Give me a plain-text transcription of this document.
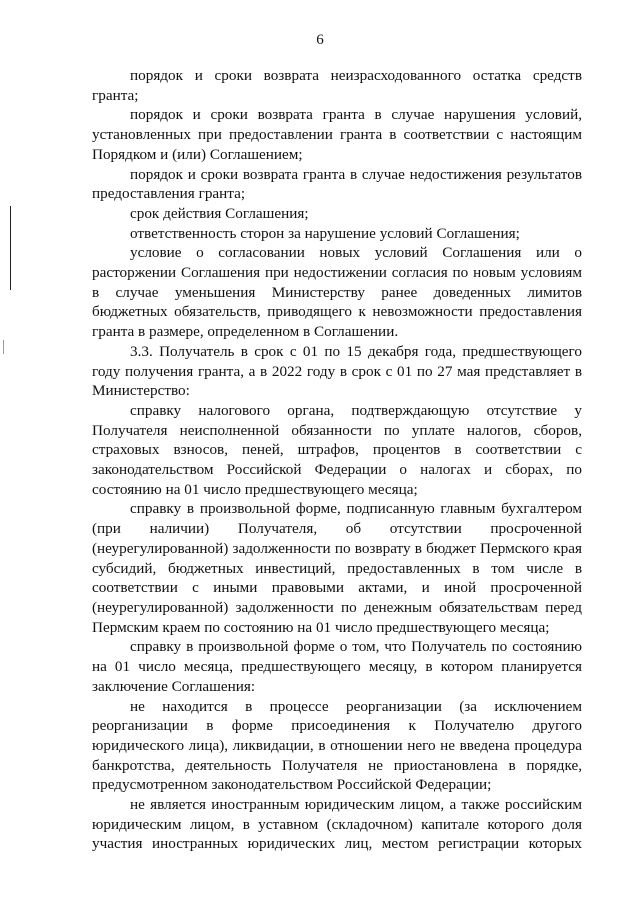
6

порядок и сроки возврата неизрасходованного остатка средств гранта;

порядок и сроки возврата гранта в случае нарушения условий, установленных при предоставлении гранта в соответствии с настоящим Порядком и (или) Соглашением;

порядок и сроки возврата гранта в случае недостижения результатов предоставления гранта;

срок действия Соглашения;

ответственность сторон за нарушение условий Соглашения;

условие о согласовании новых условий Соглашения или о расторжении Соглашения при недостижении согласия по новым условиям в случае уменьшения Министерству ранее доведенных лимитов бюджетных обязательств, приводящего к невозможности предоставления гранта в размере, определенном в Соглашении.

3.3. Получатель в срок с 01 по 15 декабря года, предшествующего году получения гранта, а в 2022 году в срок с 01 по 27 мая представляет в Министерство:

справку налогового органа, подтверждающую отсутствие у Получателя неисполненной обязанности по уплате налогов, сборов, страховых взносов, пеней, штрафов, процентов в соответствии с законодательством Российской Федерации о налогах и сборах, по состоянию на 01 число предшествующего месяца;

справку в произвольной форме, подписанную главным бухгалтером (при наличии) Получателя, об отсутствии просроченной (неурегулированной) задолженности по возврату в бюджет Пермского края субсидий, бюджетных инвестиций, предоставленных в том числе в соответствии с иными правовыми актами, и иной просроченной (неурегулированной) задолженности по денежным обязательствам перед Пермским краем по состоянию на 01 число предшествующего месяца;

справку в произвольной форме о том, что Получатель по состоянию на 01 число месяца, предшествующего месяцу, в котором планируется заключение Соглашения:

не находится в процессе реорганизации (за исключением реорганизации в форме присоединения к Получателю другого юридического лица), ликвидации, в отношении него не введена процедура банкротства, деятельность Получателя не приостановлена в порядке, предусмотренном законодательством Российской Федерации;

не является иностранным юридическим лицом, а также российским юридическим лицом, в уставном (складочном) капитале которого доля участия иностранных юридических лиц, местом регистрации которых
